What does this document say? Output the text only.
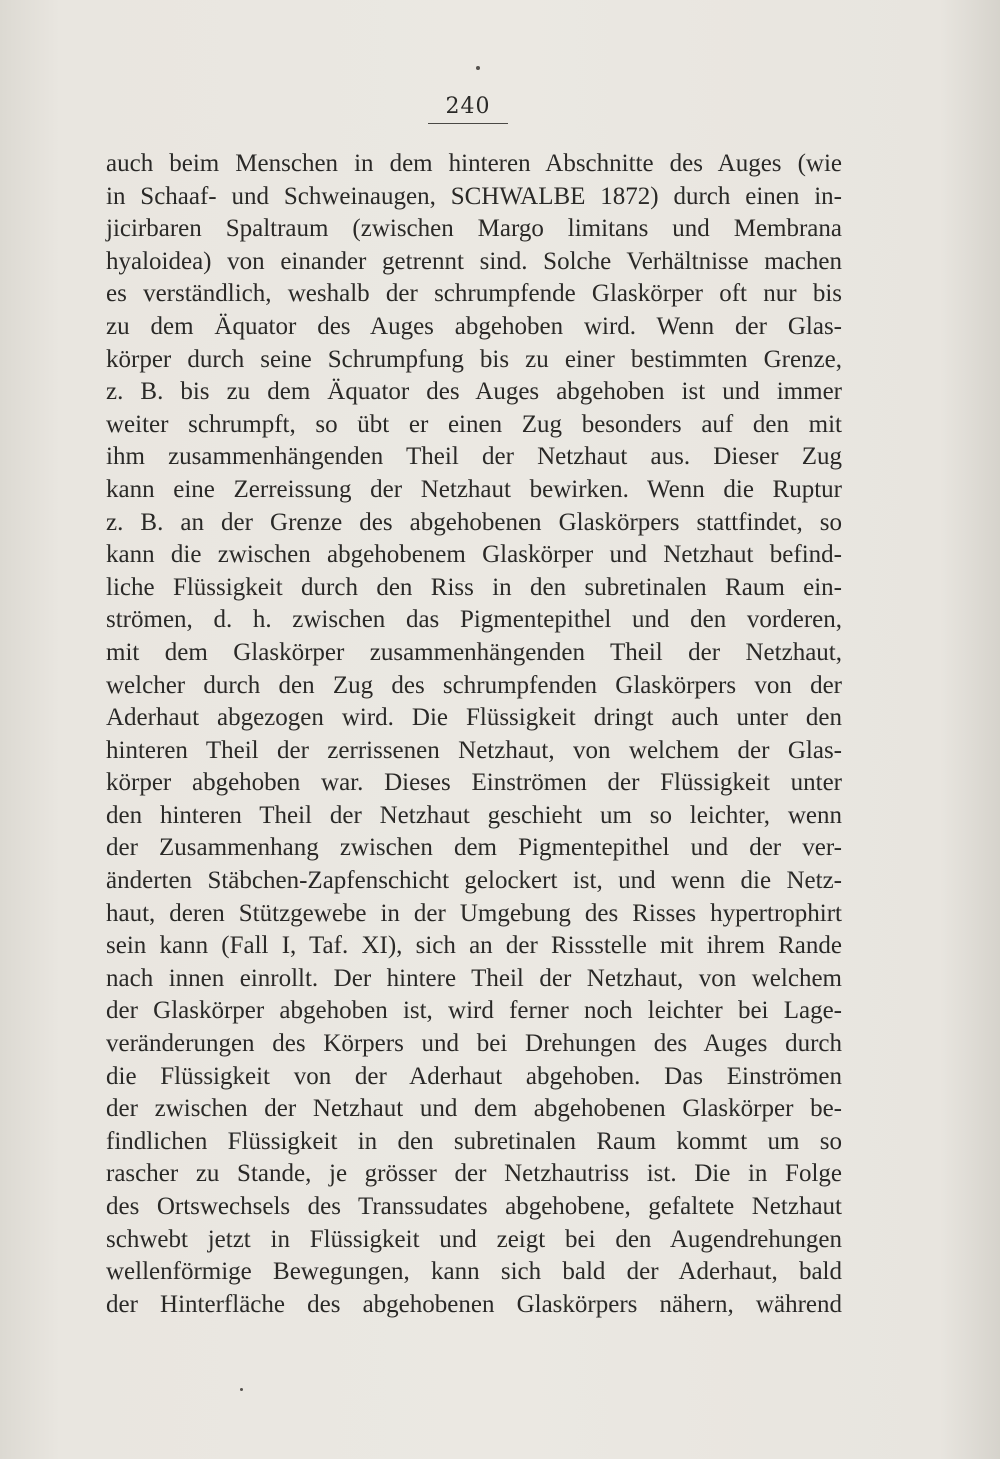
240
auch beim Menschen in dem hinteren Abschnitte des Auges (wie
in Schaaf- und Schweinaugen, SCHWALBE 1872) durch einen in-
jicirbaren Spaltraum (zwischen Margo limitans und Membrana
hyaloidea) von einander getrennt sind. Solche Verhältnisse machen
es verständlich, weshalb der schrumpfende Glaskörper oft nur bis
zu dem Äquator des Auges abgehoben wird. Wenn der Glas-
körper durch seine Schrumpfung bis zu einer bestimmten Grenze,
z. B. bis zu dem Äquator des Auges abgehoben ist und immer
weiter schrumpft, so übt er einen Zug besonders auf den mit
ihm zusammenhängenden Theil der Netzhaut aus. Dieser Zug
kann eine Zerreissung der Netzhaut bewirken. Wenn die Ruptur
z. B. an der Grenze des abgehobenen Glaskörpers stattfindet, so
kann die zwischen abgehobenem Glaskörper und Netzhaut befind-
liche Flüssigkeit durch den Riss in den subretinalen Raum ein-
strömen, d. h. zwischen das Pigmentepithel und den vorderen,
mit dem Glaskörper zusammenhängenden Theil der Netzhaut,
welcher durch den Zug des schrumpfenden Glaskörpers von der
Aderhaut abgezogen wird. Die Flüssigkeit dringt auch unter den
hinteren Theil der zerrissenen Netzhaut, von welchem der Glas-
körper abgehoben war. Dieses Einströmen der Flüssigkeit unter
den hinteren Theil der Netzhaut geschieht um so leichter, wenn
der Zusammenhang zwischen dem Pigmentepithel und der ver-
änderten Stäbchen-Zapfenschicht gelockert ist, und wenn die Netz-
haut, deren Stützgewebe in der Umgebung des Risses hypertrophirt
sein kann (Fall I, Taf. XI), sich an der Rissstelle mit ihrem Rande
nach innen einrollt. Der hintere Theil der Netzhaut, von welchem
der Glaskörper abgehoben ist, wird ferner noch leichter bei Lage-
veränderungen des Körpers und bei Drehungen des Auges durch
die Flüssigkeit von der Aderhaut abgehoben. Das Einströmen
der zwischen der Netzhaut und dem abgehobenen Glaskörper be-
findlichen Flüssigkeit in den subretinalen Raum kommt um so
rascher zu Stande, je grösser der Netzhautriss ist. Die in Folge
des Ortswechsels des Transsudates abgehobene, gefaltete Netzhaut
schwebt jetzt in Flüssigkeit und zeigt bei den Augendrehungen
wellenförmige Bewegungen, kann sich bald der Aderhaut, bald
der Hinterfläche des abgehobenen Glaskörpers nähern, während
